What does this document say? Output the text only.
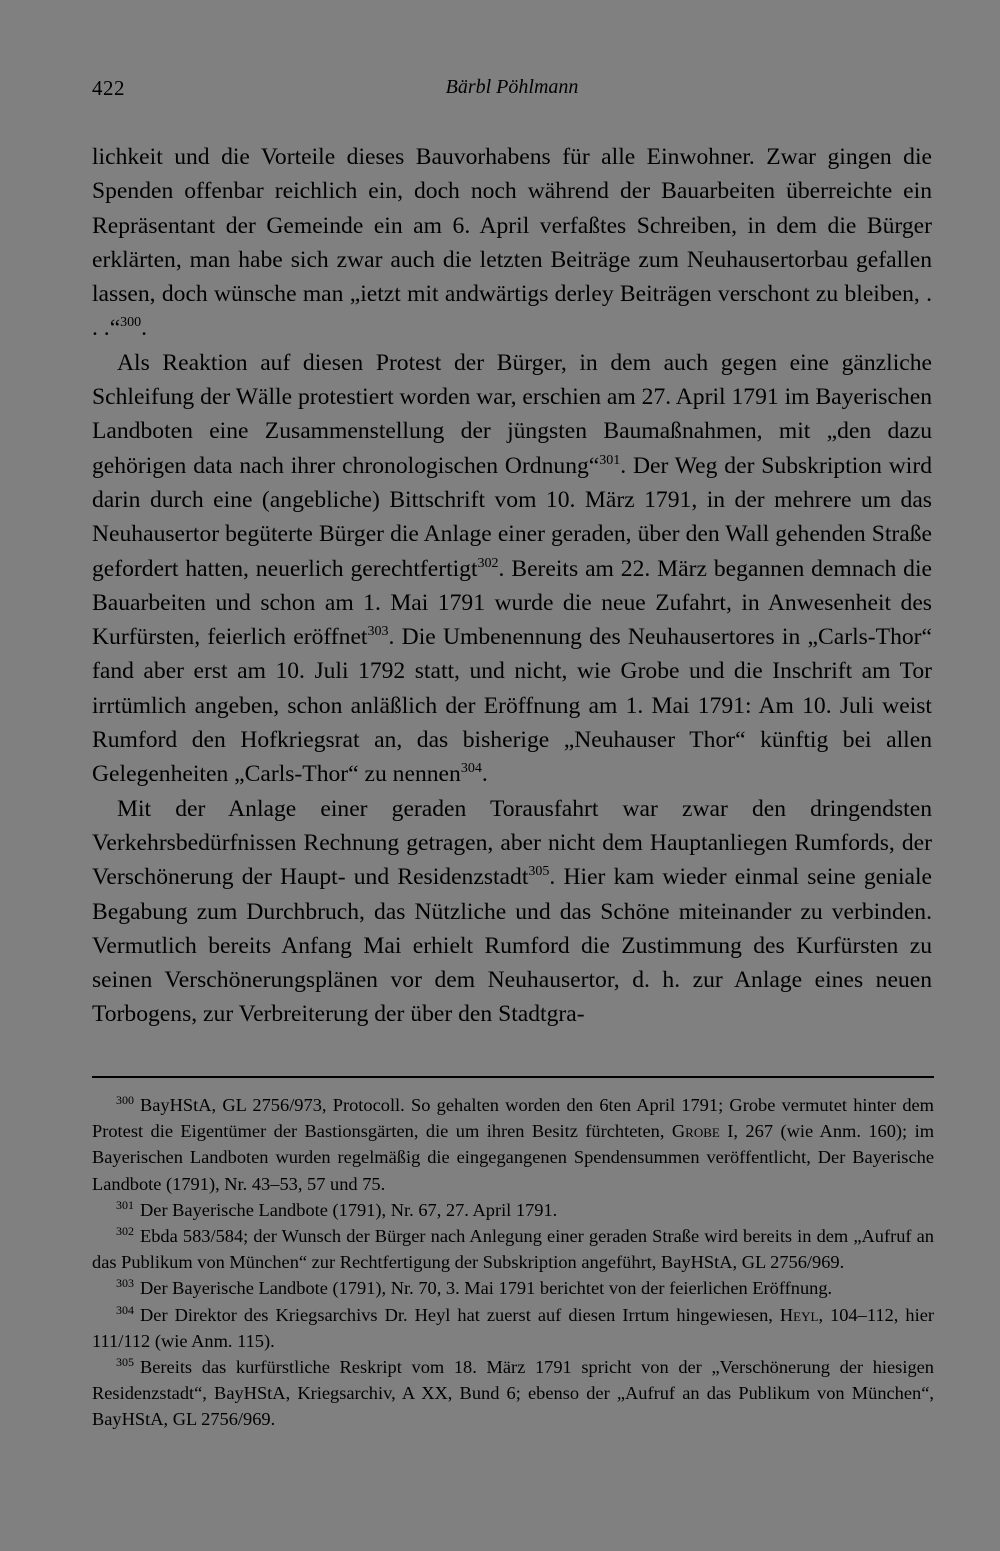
422	Bärbl Pöhlmann

lichkeit und die Vorteile dieses Bauvorhabens für alle Einwohner. Zwar gingen die Spenden offenbar reichlich ein, doch noch während der Bauarbeiten überreichte ein Repräsentant der Gemeinde ein am 6. April verfaßtes Schreiben, in dem die Bürger erklärten, man habe sich zwar auch die letzten Beiträge zum Neuhausertorbau gefallen lassen, doch wünsche man „ietzt mit andwärtigs derley Beiträgen verschont zu bleiben, . . .“$^{300}$.

Als Reaktion auf diesen Protest der Bürger, in dem auch gegen eine gänzliche Schleifung der Wälle protestiert worden war, erschien am 27. April 1791 im Bayerischen Landboten eine Zusammenstellung der jüngsten Baumaßnahmen, mit „den dazu gehörigen data nach ihrer chronologischen Ordnung“$^{301}$. Der Weg der Subskription wird darin durch eine (angebliche) Bittschrift vom 10. März 1791, in der mehrere um das Neuhausertor begüterte Bürger die Anlage einer geraden, über den Wall gehenden Straße gefordert hatten, neuerlich gerechtfertigt$^{302}$. Bereits am 22. März begannen demnach die Bauarbeiten und schon am 1. Mai 1791 wurde die neue Zufahrt, in Anwesenheit des Kurfürsten, feierlich eröffnet$^{303}$. Die Umbenennung des Neuhausertores in „Carls-Thor“ fand aber erst am 10. Juli 1792 statt, und nicht, wie Grobe und die Inschrift am Tor irrtümlich angeben, schon anläßlich der Eröffnung am 1. Mai 1791: Am 10. Juli weist Rumford den Hofkriegsrat an, das bisherige „Neuhauser Thor“ künftig bei allen Gelegenheiten „Carls-Thor“ zu nennen$^{304}$.

Mit der Anlage einer geraden Torausfahrt war zwar den dringendsten Verkehrsbedürfnissen Rechnung getragen, aber nicht dem Hauptanliegen Rumfords, der Verschönerung der Haupt- und Residenzstadt$^{305}$. Hier kam wieder einmal seine geniale Begabung zum Durchbruch, das Nützliche und das Schöne miteinander zu verbinden. Vermutlich bereits Anfang Mai erhielt Rumford die Zustimmung des Kurfürsten zu seinen Verschönerungsplänen vor dem Neuhausertor, d. h. zur Anlage eines neuen Torbogens, zur Verbreiterung der über den Stadtgra-

$^{300}$ BayHStA, GL 2756/973, Protocoll. So gehalten worden den 6ten April 1791; Grobe vermutet hinter dem Protest die Eigentümer der Bastionsgärten, die um ihren Besitz fürchteten, Grobe I, 267 (wie Anm. 160); im Bayerischen Landboten wurden regelmäßig die eingegangenen Spendensummen veröffentlicht, Der Bayerische Landbote (1791), Nr. 43–53, 57 und 75.

$^{301}$ Der Bayerische Landbote (1791), Nr. 67, 27. April 1791.

$^{302}$ Ebda 583/584; der Wunsch der Bürger nach Anlegung einer geraden Straße wird bereits in dem „Aufruf an das Publikum von München“ zur Rechtfertigung der Subskription angeführt, BayHStA, GL 2756/969.

$^{303}$ Der Bayerische Landbote (1791), Nr. 70, 3. Mai 1791 berichtet von der feierlichen Eröffnung.

$^{304}$ Der Direktor des Kriegsarchivs Dr. Heyl hat zuerst auf diesen Irrtum hingewiesen, Heyl, 104–112, hier 111/112 (wie Anm. 115).

$^{305}$ Bereits das kurfürstliche Reskript vom 18. März 1791 spricht von der „Verschönerung der hiesigen Residenzstadt“, BayHStA, Kriegsarchiv, A XX, Bund 6; ebenso der „Aufruf an das Publikum von München“, BayHStA, GL 2756/969.
